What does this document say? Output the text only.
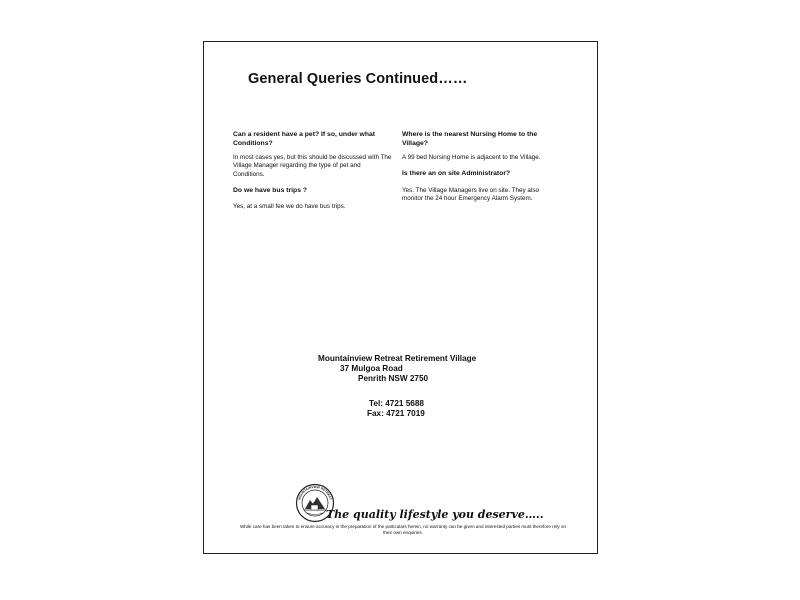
General Queries Continued……

Can a resident have a pet? If so, under what Conditions?

In most cases yes, but this should be discussed with The Village Manager regarding the type of pet and Conditions.

Do we have bus trips ?

Yes, at a small fee we do have bus trips.

Where is the nearest Nursing Home to the Village?

A 99 bed Nursing Home is adjacent to the Village.

Is there an on site Administrator?

Yes. The Village Managers live on site. They also monitor the 24 hour Emergency Alarm System.

Mountainview Retreat Retirement Village
37 Mulgoa Road
Penrith NSW 2750
Tel: 4721 5688
Fax: 4721 7019
MOUNTAINVIEW RETREAT
The quality lifestyle you deserve…..
While care has been taken to ensure accuracy in the preparation of the particulars herein, no warranty can be given and interested parties must therefore rely on their own enquiries.
